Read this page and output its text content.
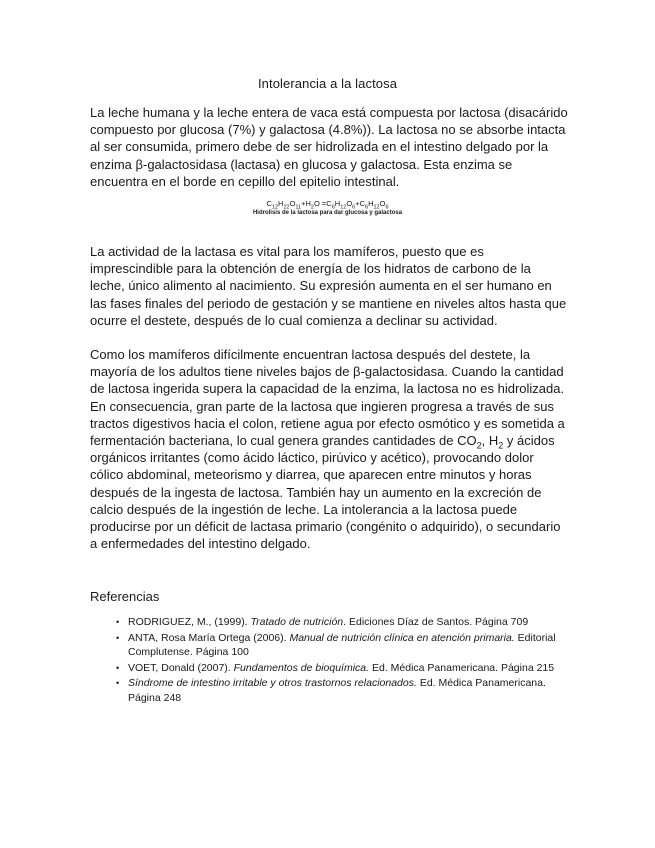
Intolerancia a la lactosa

La leche humana y la leche entera de vaca está compuesta por lactosa (disacárido compuesto por glucosa (7%) y galactosa (4.8%)). La lactosa no se absorbe intacta al ser consumida, primero debe de ser hidrolizada en el intestino delgado por la enzima β-galactosidasa (lactasa) en glucosa y galactosa. Esta enzima se encuentra en el borde en cepillo del epitelio intestinal.

$C_{12}H_{22}O_{11}+H_2O =C_6H_{12}O_6+C_6H_{12}O_6$
Hidrolisis de la lactosa para dar glucosa y galactosa

La actividad de la lactasa es vital para los mamíferos, puesto que es imprescindible para la obtención de energía de los hidratos de carbono de la leche, único alimento al nacimiento. Su expresión aumenta en el ser humano en las fases finales del periodo de gestación y se mantiene en niveles altos hasta que ocurre el destete, después de lo cual comienza a declinar su actividad.

Como los mamíferos difícilmente encuentran lactosa después del destete, la mayoría de los adultos tiene niveles bajos de β-galactosidasa. Cuando la cantidad de lactosa ingerida supera la capacidad de la enzima, la lactosa no es hidrolizada. En consecuencia, gran parte de la lactosa que ingieren progresa a través de sus tractos digestivos hacia el colon, retiene agua por efecto osmótico y es sometida a fermentación bacteriana, lo cual genera grandes cantidades de $CO_2$, $H_2$ y ácidos orgánicos irritantes (como ácido láctico, pirúvico y acético), provocando dolor cólico abdominal, meteorismo y diarrea, que aparecen entre minutos y horas después de la ingesta de lactosa. También hay un aumento en la excreción de calcio después de la ingestión de leche. La intolerancia a la lactosa puede producirse por un déficit de lactasa primario (congénito o adquirido), o secundario a enfermedades del intestino delgado.

Referencias
• RODRIGUEZ, M., (1999). Tratado de nutrición. Ediciones Díaz de Santos. Página 709
• ANTA, Rosa María Ortega (2006). Manual de nutrición clínica en atención primaria. Editorial Complutense. Página 100
• VOET, Donald (2007). Fundamentos de bioquímica. Ed. Médica Panamericana. Página 215
• Síndrome de intestino irritable y otros trastornos relacionados. Ed. Médica Panamericana. Página 248
